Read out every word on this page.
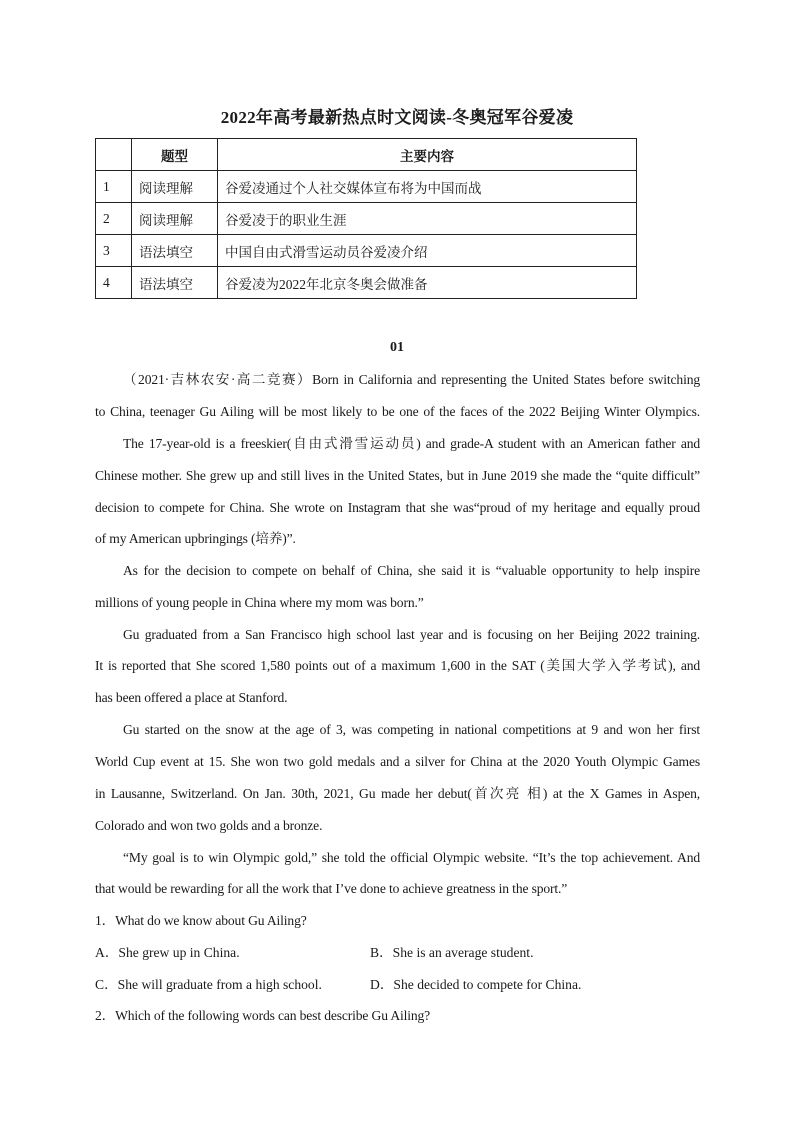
2022年高考最新热点时文阅读-冬奥冠军谷爱凌
	题型	主要内容
1	阅读理解	谷爱凌通过个人社交媒体宣布将为中国而战
2	阅读理解	谷爱凌于的职业生涯
3	语法填空	中国自由式滑雪运动员谷爱凌介绍
4	语法填空	谷爱凌为2022年北京冬奥会做准备
01
（2021·吉林农安·高二竞赛）Born in California and representing the United States before switching
to China, teenager Gu Ailing will be most likely to be one of the faces of the 2022 Beijing Winter Olympics.
The 17-year-old is a freeskier(自由式滑雪运动员) and grade-A student with an American father and
Chinese mother. She grew up and still lives in the United States, but in June 2019 she made the “quite difficult”
decision to compete for China. She wrote on Instagram that she was“proud of my heritage and equally proud
of my American upbringings (培养)”.
As for the decision to compete on behalf of China, she said it is “valuable opportunity to help inspire
millions of young people in China where my mom was born.”
Gu graduated from a San Francisco high school last year and is focusing on her Beijing 2022 training.
It is reported that She scored 1,580 points out of a maximum 1,600 in the SAT (美国大学入学考试), and
has been offered a place at Stanford.
Gu started on the snow at the age of 3, was competing in national competitions at 9 and won her first
World Cup event at 15. She won two gold medals and a silver for China at the 2020 Youth Olympic Games
in Lausanne, Switzerland. On Jan. 30th, 2021, Gu made her debut(首次亮 相) at the X Games in Aspen,
Colorado and won two golds and a bronze.
“My goal is to win Olympic gold,” she told the official Olympic website. “It’s the top achievement. And
that would be rewarding for all the work that I’ve done to achieve greatness in the sport.”
1．What do we know about Gu Ailing?
A．She grew up in China.	B．She is an average student.
C．She will graduate from a high school.	D．She decided to compete for China.
2．Which of the following words can best describe Gu Ailing?
